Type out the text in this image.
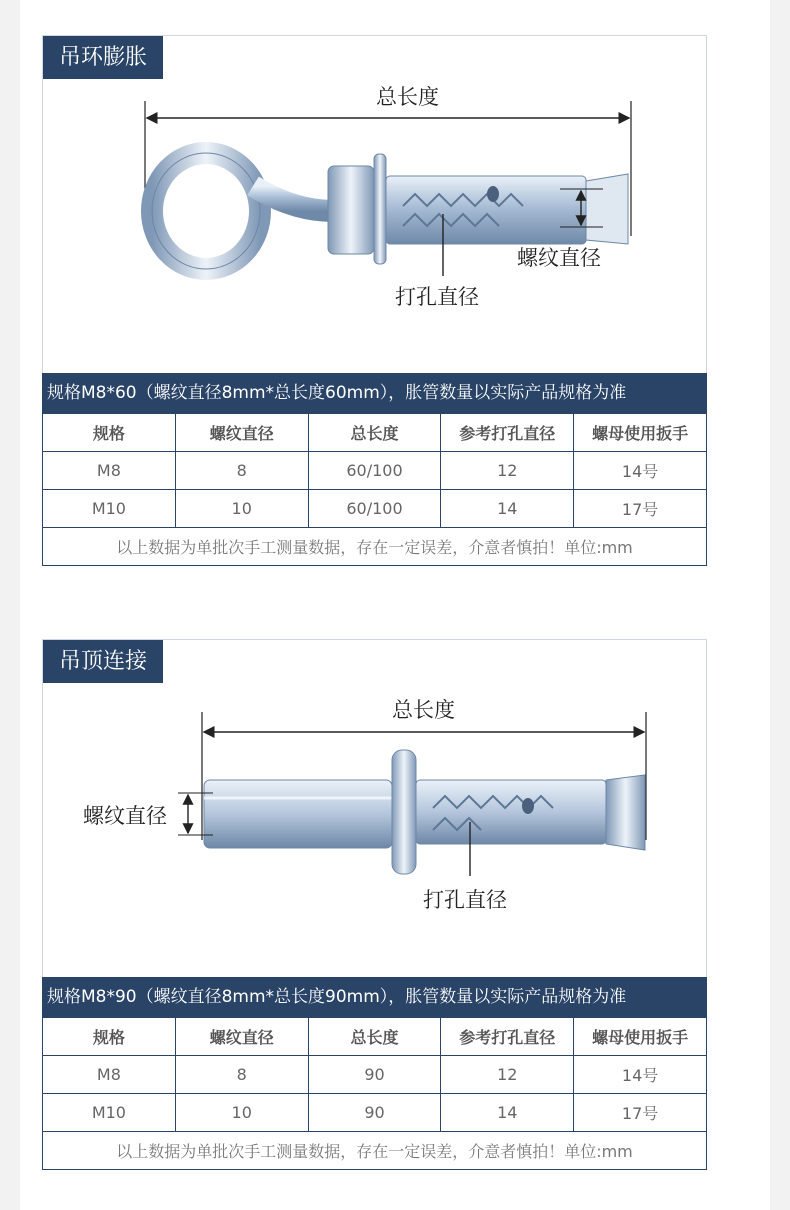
吊环膨胀
总长度
螺纹直径
打孔直径
规格M8*60（螺纹直径8mm*总长度60mm），胀管数量以实际产品规格为准
规格	螺纹直径	总长度	参考打孔直径	螺母使用扳手
M8	8	60/100	12	14号
M10	10	60/100	14	17号
以上数据为单批次手工测量数据，存在一定误差，介意者慎拍！单位:mm				
吊顶连接
总长度
螺纹直径
打孔直径
规格M8*90（螺纹直径8mm*总长度90mm），胀管数量以实际产品规格为准
规格	螺纹直径	总长度	参考打孔直径	螺母使用扳手
M8	8	90	12	14号
M10	10	90	14	17号
以上数据为单批次手工测量数据，存在一定误差，介意者慎拍！单位:mm				
